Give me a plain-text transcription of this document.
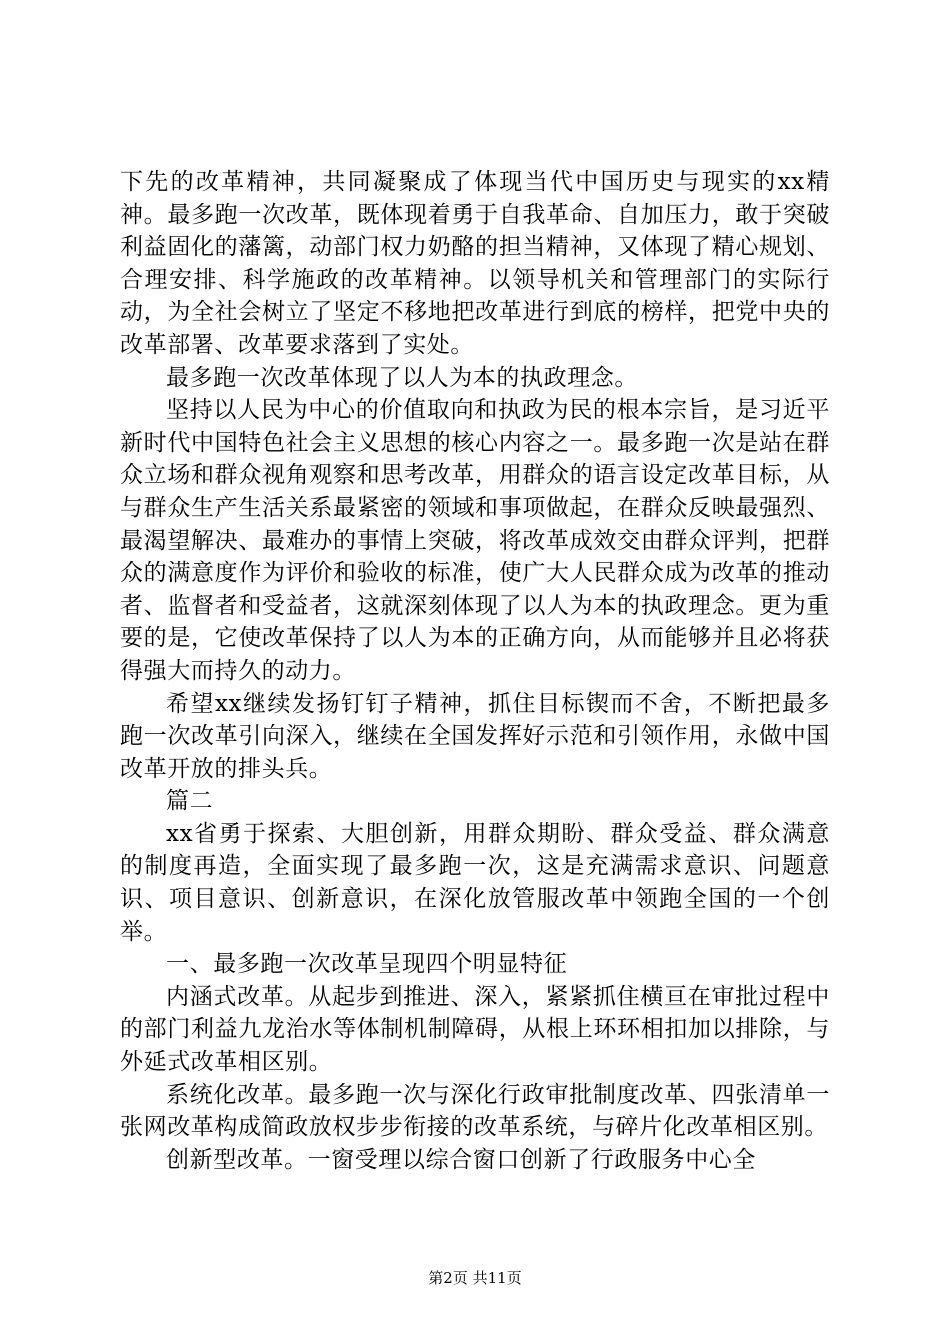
下先的改革精神，共同凝聚成了体现当代中国历史与现实的xx精神。最多跑一次改革，既体现着勇于自我革命、自加压力，敢于突破利益固化的藩篱，动部门权力奶酪的担当精神，又体现了精心规划、合理安排、科学施政的改革精神。以领导机关和管理部门的实际行动，为全社会树立了坚定不移地把改革进行到底的榜样，把党中央的改革部署、改革要求落到了实处。

最多跑一次改革体现了以人为本的执政理念。

坚持以人民为中心的价值取向和执政为民的根本宗旨，是习近平新时代中国特色社会主义思想的核心内容之一。最多跑一次是站在群众立场和群众视角观察和思考改革，用群众的语言设定改革目标，从与群众生产生活关系最紧密的领域和事项做起，在群众反映最强烈、最渴望解决、最难办的事情上突破，将改革成效交由群众评判，把群众的满意度作为评价和验收的标准，使广大人民群众成为改革的推动者、监督者和受益者，这就深刻体现了以人为本的执政理念。更为重要的是，它使改革保持了以人为本的正确方向，从而能够并且必将获得强大而持久的动力。

希望xx继续发扬钉钉子精神，抓住目标锲而不舍，不断把最多跑一次改革引向深入，继续在全国发挥好示范和引领作用，永做中国改革开放的排头兵。

篇二

xx省勇于探索、大胆创新，用群众期盼、群众受益、群众满意的制度再造，全面实现了最多跑一次，这是充满需求意识、问题意识、项目意识、创新意识，在深化放管服改革中领跑全国的一个创举。

一、最多跑一次改革呈现四个明显特征

内涵式改革。从起步到推进、深入，紧紧抓住横亘在审批过程中的部门利益九龙治水等体制机制障碍，从根上环环相扣加以排除，与外延式改革相区别。

系统化改革。最多跑一次与深化行政审批制度改革、四张清单一张网改革构成简政放权步步衔接的改革系统，与碎片化改革相区别。

创新型改革。一窗受理以综合窗口创新了行政服务中心全

第2页 共11页
